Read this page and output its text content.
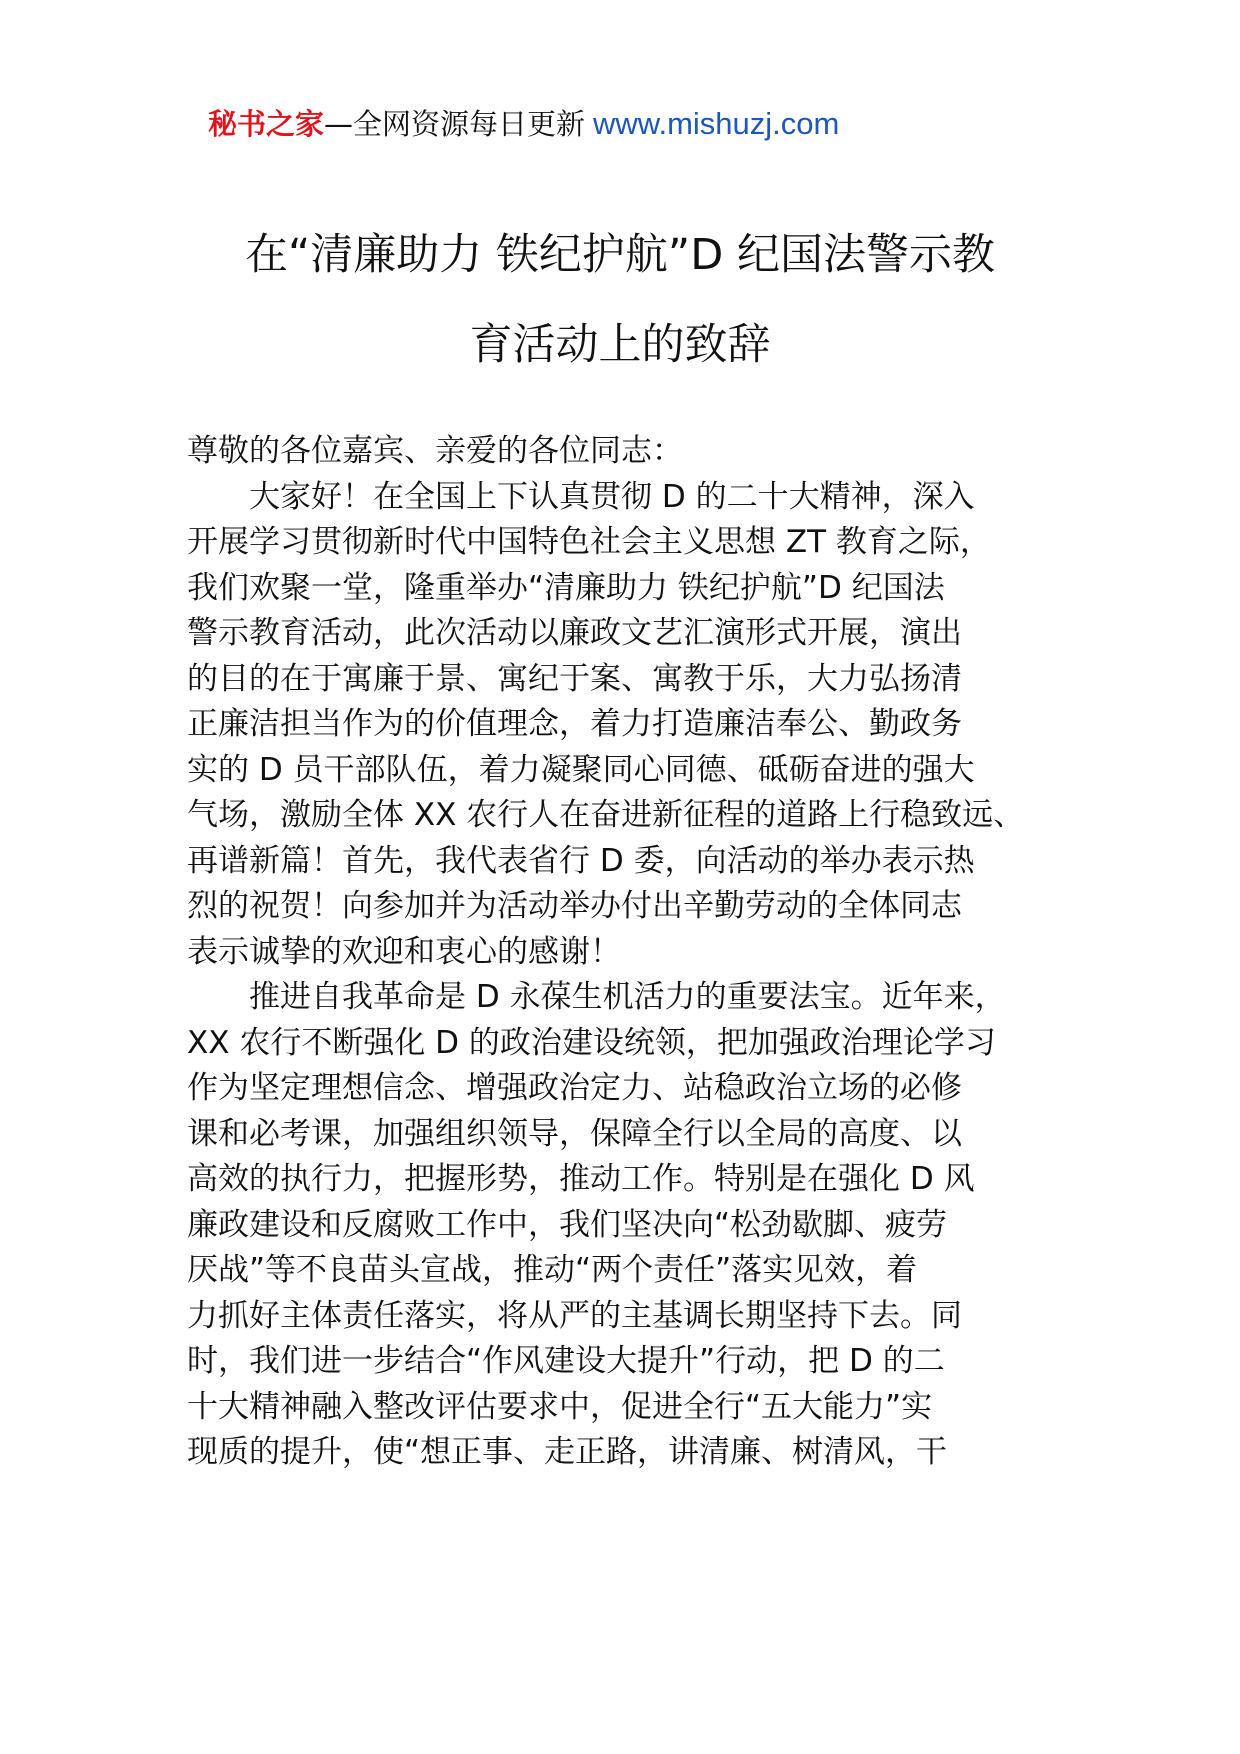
秘书之家—全网资源每日更新 www.mishuzj.com
在“清廉助力 铁纪护航”D 纪国法警示教
育活动上的致辞
尊敬的各位嘉宾、亲爱的各位同志：
大家好！在全国上下认真贯彻 D 的二十大精神，深入
开展学习贯彻新时代中国特色社会主义思想 ZT 教育之际，
我们欢聚一堂，隆重举办“清廉助力 铁纪护航”D 纪国法
警示教育活动，此次活动以廉政文艺汇演形式开展，演出
的目的在于寓廉于景、寓纪于案、寓教于乐，大力弘扬清
正廉洁担当作为的价值理念，着力打造廉洁奉公、勤政务
实的 D 员干部队伍，着力凝聚同心同德、砥砺奋进的强大
气场，激励全体 XX 农行人在奋进新征程的道路上行稳致远、
再谱新篇！首先，我代表省行 D 委，向活动的举办表示热
烈的祝贺！向参加并为活动举办付出辛勤劳动的全体同志
表示诚挚的欢迎和衷心的感谢！
推进自我革命是 D 永葆生机活力的重要法宝。近年来，
XX 农行不断强化 D 的政治建设统领，把加强政治理论学习
作为坚定理想信念、增强政治定力、站稳政治立场的必修
课和必考课，加强组织领导，保障全行以全局的高度、以
高效的执行力，把握形势，推动工作。特别是在强化 D 风
廉政建设和反腐败工作中，我们坚决向“松劲歇脚、疲劳
厌战”等不良苗头宣战，推动“两个责任”落实见效，着
力抓好主体责任落实，将从严的主基调长期坚持下去。同
时，我们进一步结合“作风建设大提升”行动，把 D 的二
十大精神融入整改评估要求中，促进全行“五大能力”实
现质的提升，使“想正事、走正路，讲清廉、树清风，干
